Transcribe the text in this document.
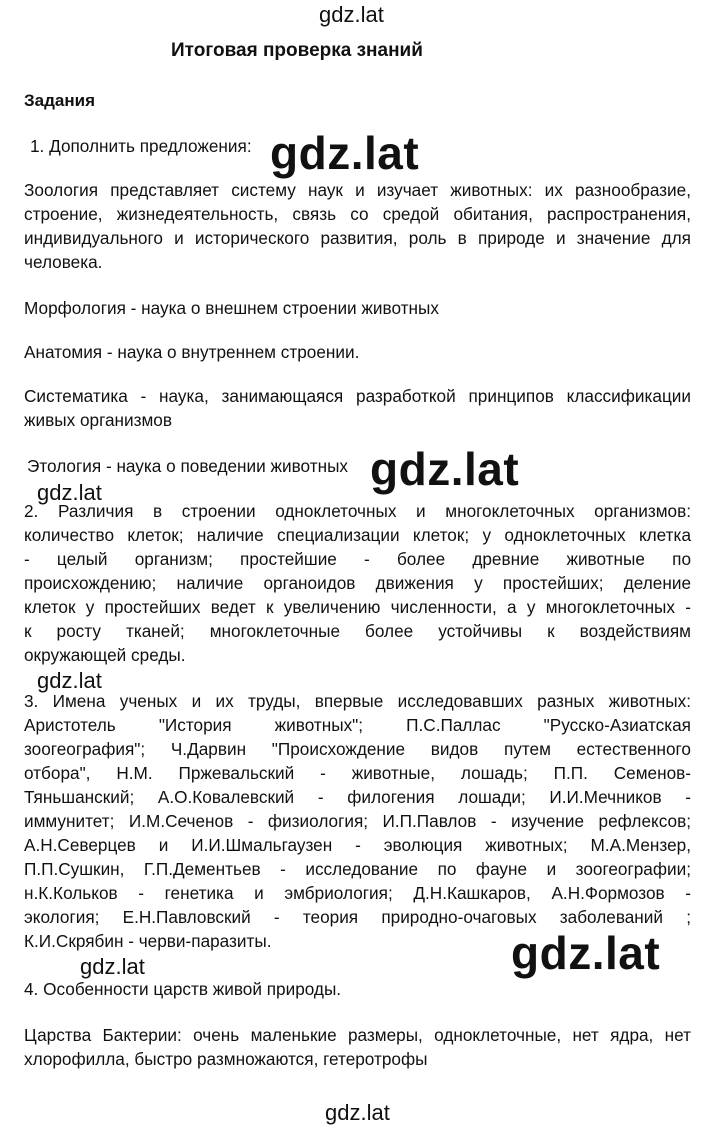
gdz.lat
gdz.lat
gdz.lat
gdz.lat
gdz.lat
gdz.lat	gdz.lat
gdz.lat
Итоговая проверка знаний
Задания
1. Дополнить предложения:
Зоология представляет систему наук и изучает животных: их разнообразие,
строение, жизнедеятельность, связь со средой обитания, распространения,
индивидуального и исторического развития, роль в природе и значение для
человека.
Морфология - наука о внешнем строении животных
Анатомия - наука о внутреннем строении.
Систематика - наука, занимающаяся разработкой принципов классификации
живых организмов
Этология - наука о поведении животных
2. Различия в строении одноклеточных и многоклеточных организмов:
количество клеток; наличие специализации клеток; у одноклеточных клетка
- целый организм; простейшие - более древние животные по
происхождению; наличие органоидов движения у простейших; деление
клеток у простейших ведет к увеличению численности, а у многоклеточных -
к росту тканей; многоклеточные более устойчивы к воздействиям
окружающей среды.
3. Имена ученых и их труды, впервые исследовавших разных животных:
Аристотель "История животных"; П.С.Паллас "Русско-Азиатская
зоогеография"; Ч.Дарвин "Происхождение видов путем естественного
отбора", Н.М. Пржевальский - животные, лошадь; П.П. Семенов-
Тяньшанский; А.О.Ковалевский - филогения лошади; И.И.Мечников -
иммунитет; И.М.Сеченов - физиология; И.П.Павлов - изучение рефлексов;
А.Н.Северцев и И.И.Шмальгаузен - эволюция животных; М.А.Мензер,
П.П.Сушкин, Г.П.Дементьев - исследование по фауне и зоогеографии;
н.К.Кольков - генетика и эмбриология; Д.Н.Кашкаров, А.Н.Формозов -
экология; Е.Н.Павловский - теория природно-очаговых заболеваний ;
К.И.Скрябин - черви-паразиты.
4. Особенности царств живой природы.
Царства Бактерии: очень маленькие размеры, одноклеточные, нет ядра, нет
хлорофилла, быстро размножаются, гетеротрофы
